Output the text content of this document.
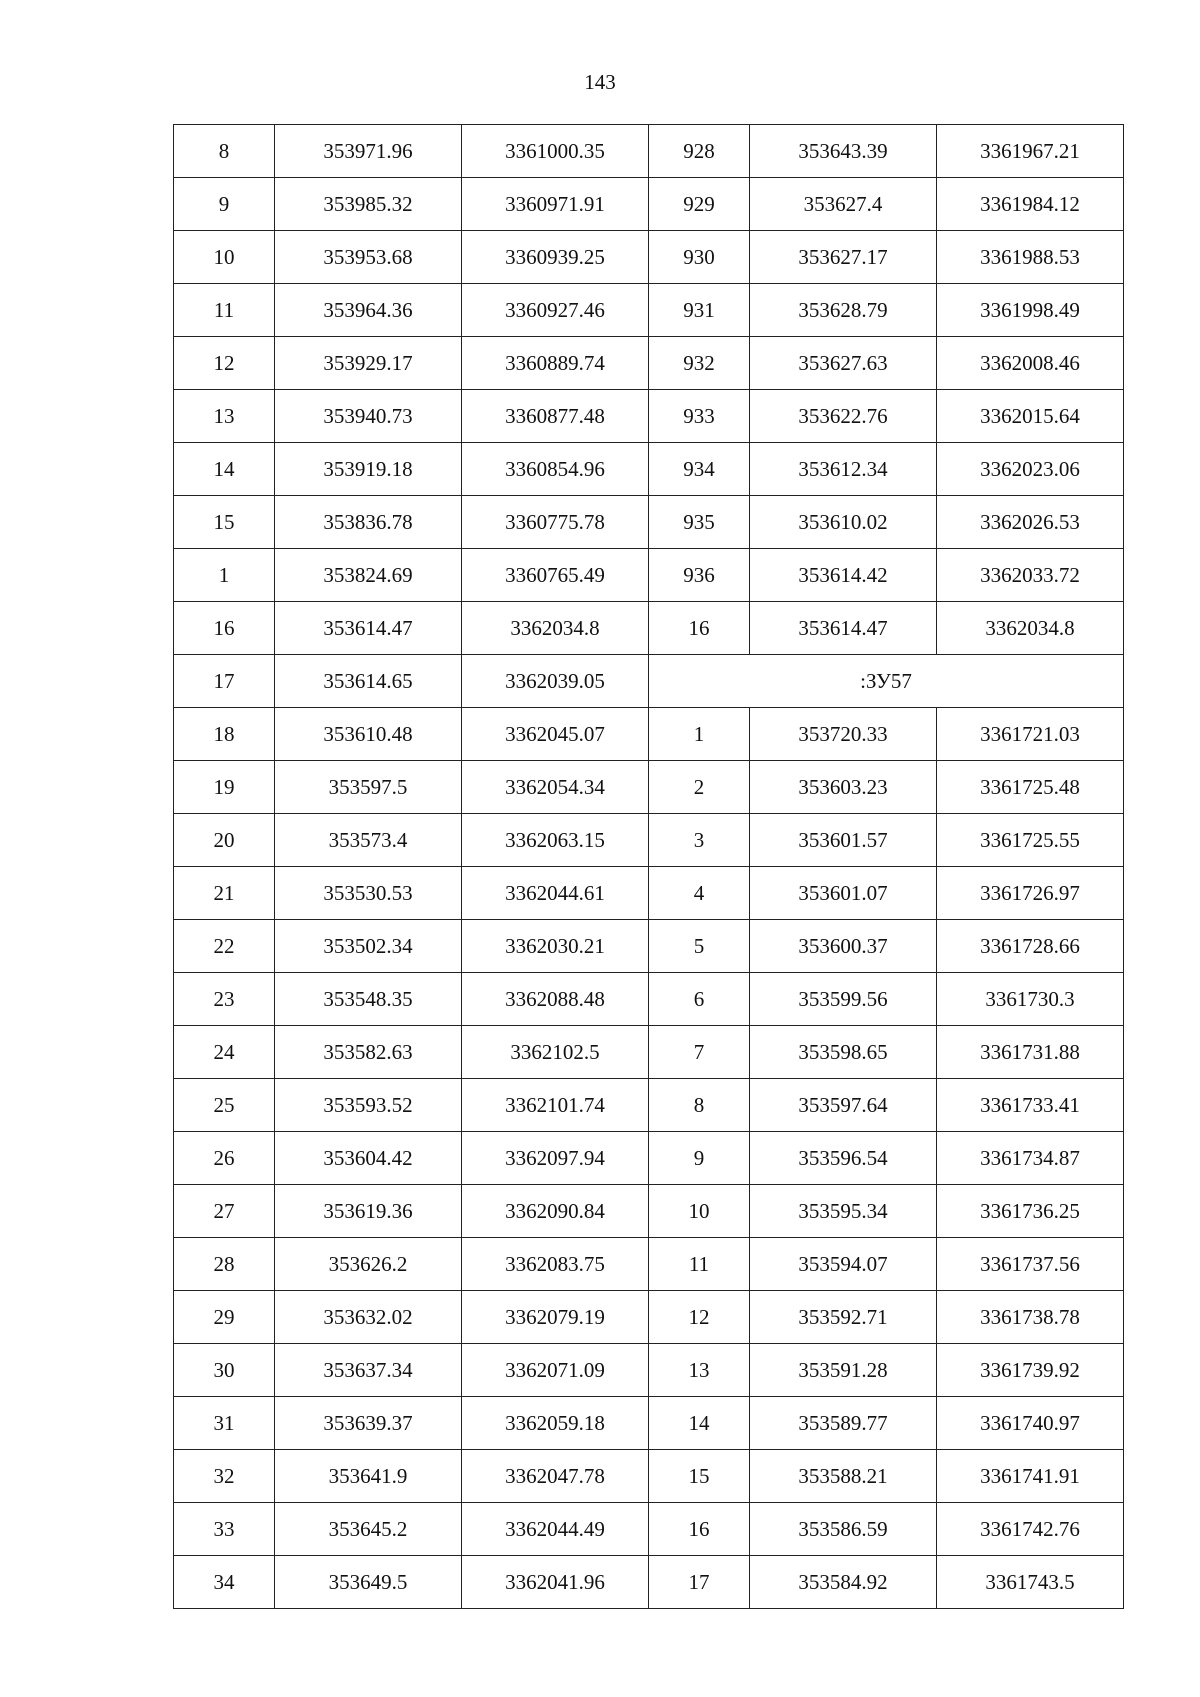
143
8	353971.96	3361000.35	928	353643.39	3361967.21
9	353985.32	3360971.91	929	353627.4	3361984.12
10	353953.68	3360939.25	930	353627.17	3361988.53
11	353964.36	3360927.46	931	353628.79	3361998.49
12	353929.17	3360889.74	932	353627.63	3362008.46
13	353940.73	3360877.48	933	353622.76	3362015.64
14	353919.18	3360854.96	934	353612.34	3362023.06
15	353836.78	3360775.78	935	353610.02	3362026.53
1	353824.69	3360765.49	936	353614.42	3362033.72
16	353614.47	3362034.8	16	353614.47	3362034.8
17	353614.65	3362039.05	:ЗУ57		
18	353610.48	3362045.07	1	353720.33	3361721.03
19	353597.5	3362054.34	2	353603.23	3361725.48
20	353573.4	3362063.15	3	353601.57	3361725.55
21	353530.53	3362044.61	4	353601.07	3361726.97
22	353502.34	3362030.21	5	353600.37	3361728.66
23	353548.35	3362088.48	6	353599.56	3361730.3
24	353582.63	3362102.5	7	353598.65	3361731.88
25	353593.52	3362101.74	8	353597.64	3361733.41
26	353604.42	3362097.94	9	353596.54	3361734.87
27	353619.36	3362090.84	10	353595.34	3361736.25
28	353626.2	3362083.75	11	353594.07	3361737.56
29	353632.02	3362079.19	12	353592.71	3361738.78
30	353637.34	3362071.09	13	353591.28	3361739.92
31	353639.37	3362059.18	14	353589.77	3361740.97
32	353641.9	3362047.78	15	353588.21	3361741.91
33	353645.2	3362044.49	16	353586.59	3361742.76
34	353649.5	3362041.96	17	353584.92	3361743.5
